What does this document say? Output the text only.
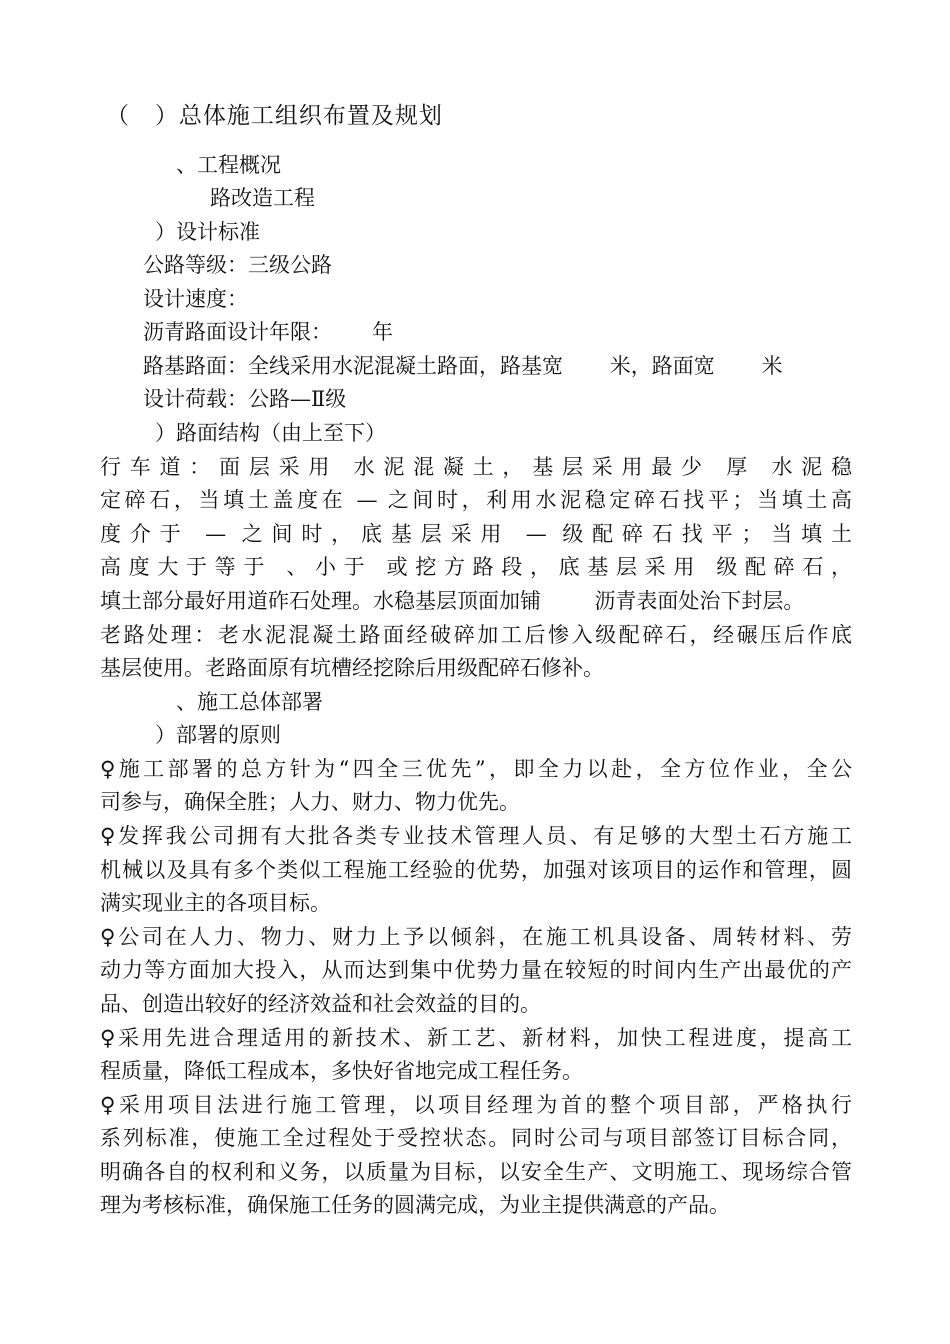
（   ）总体施工组织布置及规划

、工程概况

路改造工程

）设计标准

公路等级：三级公路

设计速度：

沥青路面设计年限：      年

路基路面：全线采用水泥混凝土路面，路基宽       米，路面宽       米

设计荷载：公路—Ⅱ级

）路面结构（由上至下）

行车道：面层采用 水泥混凝土，基层采用最少 厚 水泥稳

定碎石，当填土盖度在 — 之间时，利用水泥稳定碎石找平；当填土高

度介于 — 之间时，底基层采用 — 级配碎石找平；当填土

高度大于等于 、小于 或挖方路段，底基层采用 级配碎石，

填土部分最好用道砟石处理。水稳基层顶面加铺        沥青表面处治下封层。

老路处理：老水泥混凝土路面经破碎加工后惨入级配碎石，经碾压后作底

基层使用。老路面原有坑槽经挖除后用级配碎石修补。

、施工总体部署

）部署的原则

♀施工部署的总方针为“四全三优先”，即全力以赴，全方位作业，全公

司参与，确保全胜；人力、财力、物力优先。

♀发挥我公司拥有大批各类专业技术管理人员、有足够的大型土石方施工

机械以及具有多个类似工程施工经验的优势，加强对该项目的运作和管理，圆

满实现业主的各项目标。

♀公司在人力、物力、财力上予以倾斜，在施工机具设备、周转材料、劳

动力等方面加大投入，从而达到集中优势力量在较短的时间内生产出最优的产

品、创造出较好的经济效益和社会效益的目的。

♀采用先进合理适用的新技术、新工艺、新材料，加快工程进度，提高工

程质量，降低工程成本，多快好省地完成工程任务。

♀采用项目法进行施工管理，以项目经理为首的整个项目部，严格执行

系列标准，使施工全过程处于受控状态。同时公司与项目部签订目标合同，

明确各自的权利和义务，以质量为目标，以安全生产、文明施工、现场综合管

理为考核标准，确保施工任务的圆满完成，为业主提供满意的产品。
